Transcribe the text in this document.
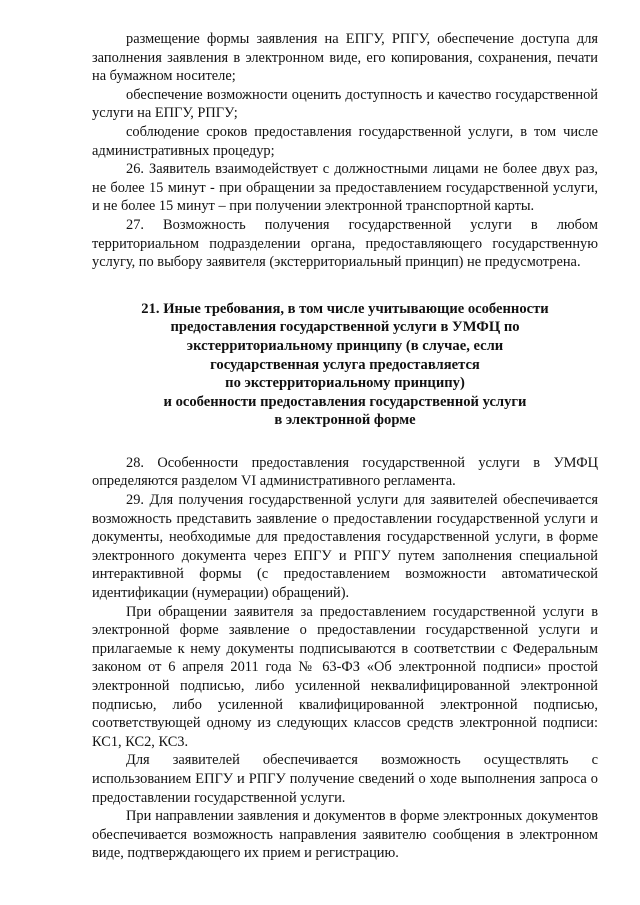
размещение формы заявления на ЕПГУ, РПГУ, обеспечение доступа для заполнения заявления в электронном виде, его копирования, сохранения, печати на бумажном носителе;

обеспечение возможности оценить доступность и качество государственной услуги на ЕПГУ, РПГУ;

соблюдение сроков предоставления государственной услуги, в том числе административных процедур;

26. Заявитель взаимодействует с должностными лицами не более двух раз, не более 15 минут - при обращении за предоставлением государственной услуги, и не более 15 минут – при получении электронной транспортной карты.

27. Возможность получения государственной услуги в любом территориальном подразделении органа, предоставляющего государственную услугу, по выбору заявителя (экстерриториальный принцип) не предусмотрена.

21. Иные требования, в том числе учитывающие особенности
предоставления государственной услуги в УМФЦ по
экстерриториальному принципу (в случае, если
государственная услуга предоставляется
по экстерриториальному принципу)
и особенности предоставления государственной услуги
в электронной форме

28. Особенности предоставления государственной услуги в УМФЦ определяются разделом VI административного регламента.

29. Для получения государственной услуги для заявителей обеспечивается возможность представить заявление о предоставлении государственной услуги и документы, необходимые для предоставления государственной услуги, в форме электронного документа через ЕПГУ и РПГУ путем заполнения специальной интерактивной формы (с предоставлением возможности автоматической идентификации (нумерации) обращений).

При обращении заявителя за предоставлением государственной услуги в электронной форме заявление о предоставлении государственной услуги и прилагаемые к нему документы подписываются в соответствии с Федеральным законом от 6 апреля 2011 года № 63-ФЗ «Об электронной подписи» простой электронной подписью, либо усиленной неквалифицированной электронной подписью, либо усиленной квалифицированной электронной подписью, соответствующей одному из следующих классов средств электронной подписи: КС1, КС2, КС3.

Для заявителей обеспечивается возможность осуществлять с использованием ЕПГУ и РПГУ получение сведений о ходе выполнения запроса о предоставлении государственной услуги.

При направлении заявления и документов в форме электронных документов обеспечивается возможность направления заявителю сообщения в электронном виде, подтверждающего их прием и регистрацию.
